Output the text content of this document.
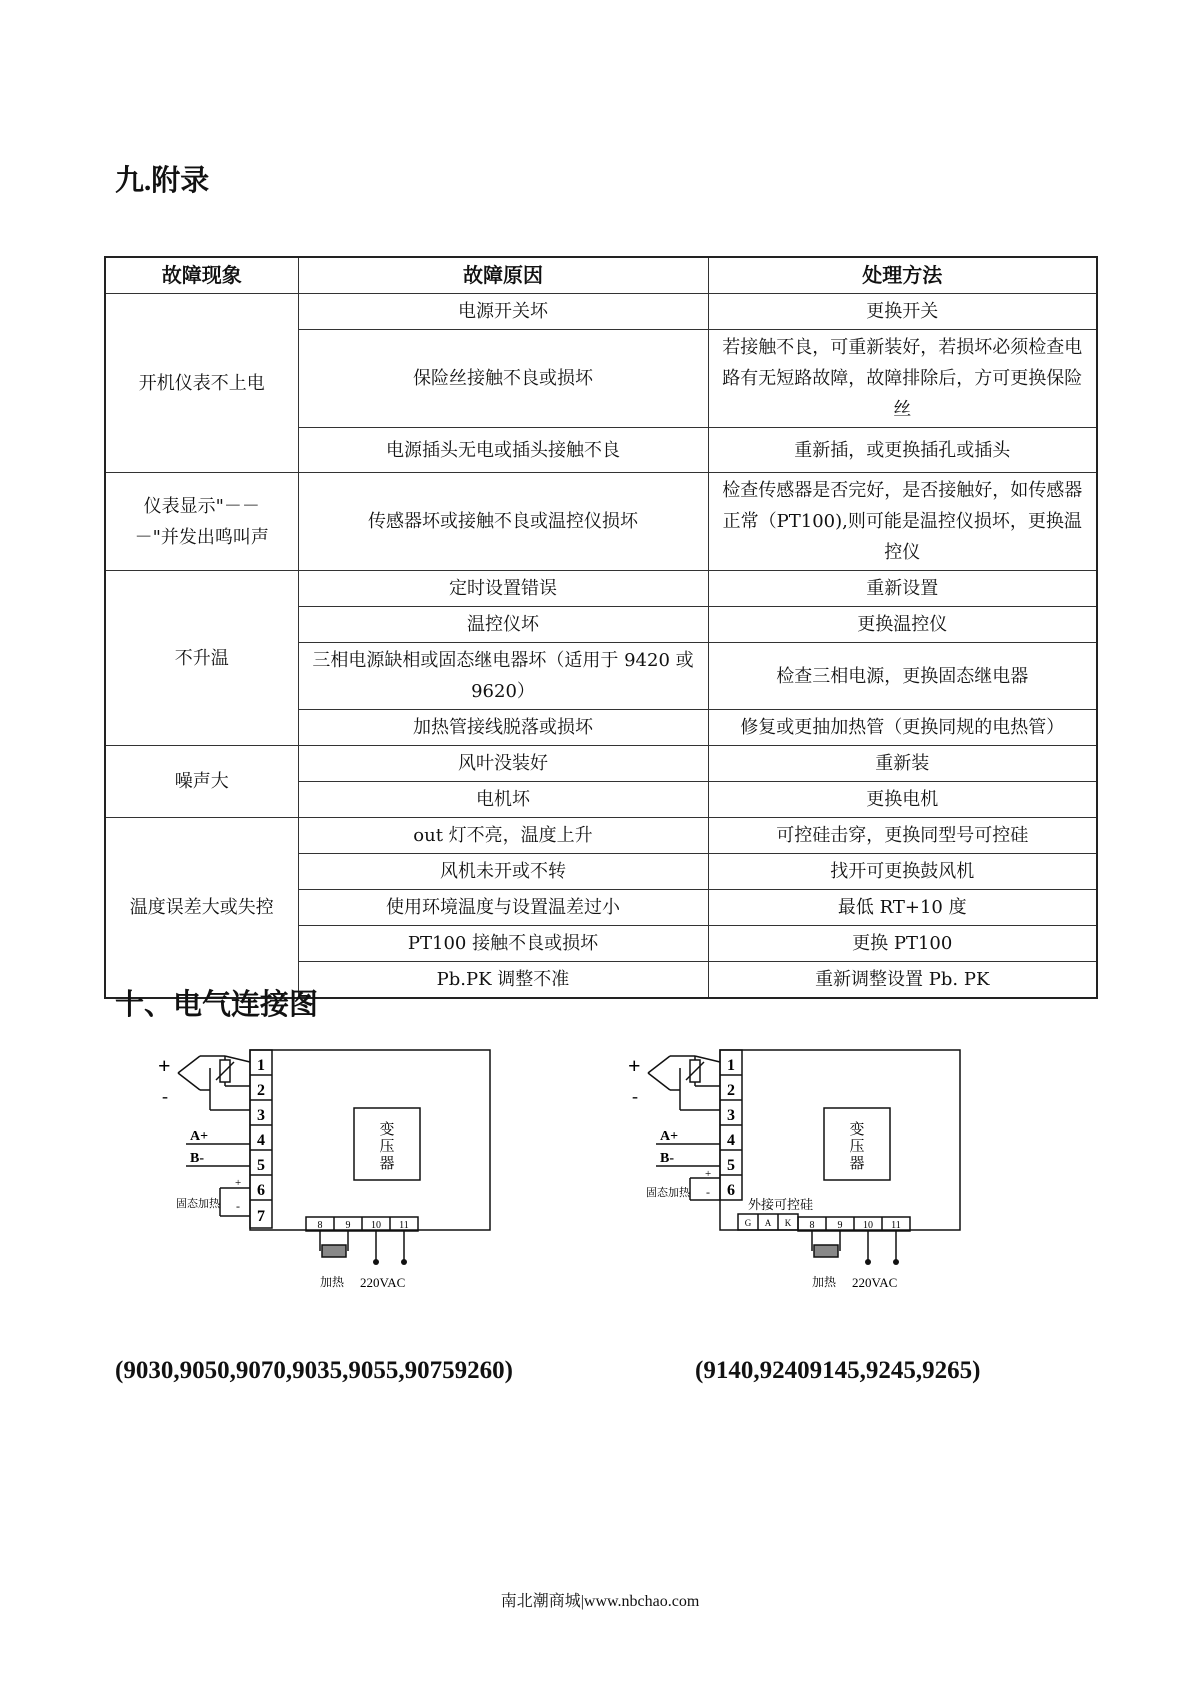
九.附录
故障现象	故障原因	处理方法
开机仪表不上电	电源开关坏	更换开关
	保险丝接触不良或损坏	若接触不良，可重新装好，若损坏必须检查电路有无短路故障，故障排除后，方可更换保险丝
	电源插头无电或插头接触不良	重新插，或更换插孔或插头
仪表显示"－－－"并发出鸣叫声	传感器坏或接触不良或温控仪损坏	检查传感器是否完好，是否接触好，如传感器正常（PT100),则可能是温控仪损坏，更换温控仪
不升温	定时设置错误	重新设置
	温控仪坏	更换温控仪
	三相电源缺相或固态继电器坏（适用于 9420 或 9620）	检查三相电源，更换固态继电器
	加热管接线脱落或损坏	修复或更抽加热管（更换同规的电热管）
噪声大	风叶没装好	重新装
	电机坏	更换电机
温度误差大或失控	out 灯不亮，温度上升	可控硅击穿，更换同型号可控硅
	风机未开或不转	找开可更换鼓风机
	使用环境温度与设置温差过小	最低 RT+10 度
	PT100 接触不良或损坏	更换 PT100
	Pb.PK 调整不准	重新调整设置 Pb. PK
十、电气连接图
+
-
1
2
3
4
5
6
7
A+
B-
+
-
固态加热
变
压
器
8 9 10 11
加热 220VAC
+
-
1
2
3
4
5
6
A+
B-
+
-
固态加热
外接可控硅
G A K
变
压
器
8 9 10 11
加热 220VAC
(9030,9050,9070,9035,9055,90759260)	(9140,92409145,9245,9265)
南北潮商城|www.nbchao.com
